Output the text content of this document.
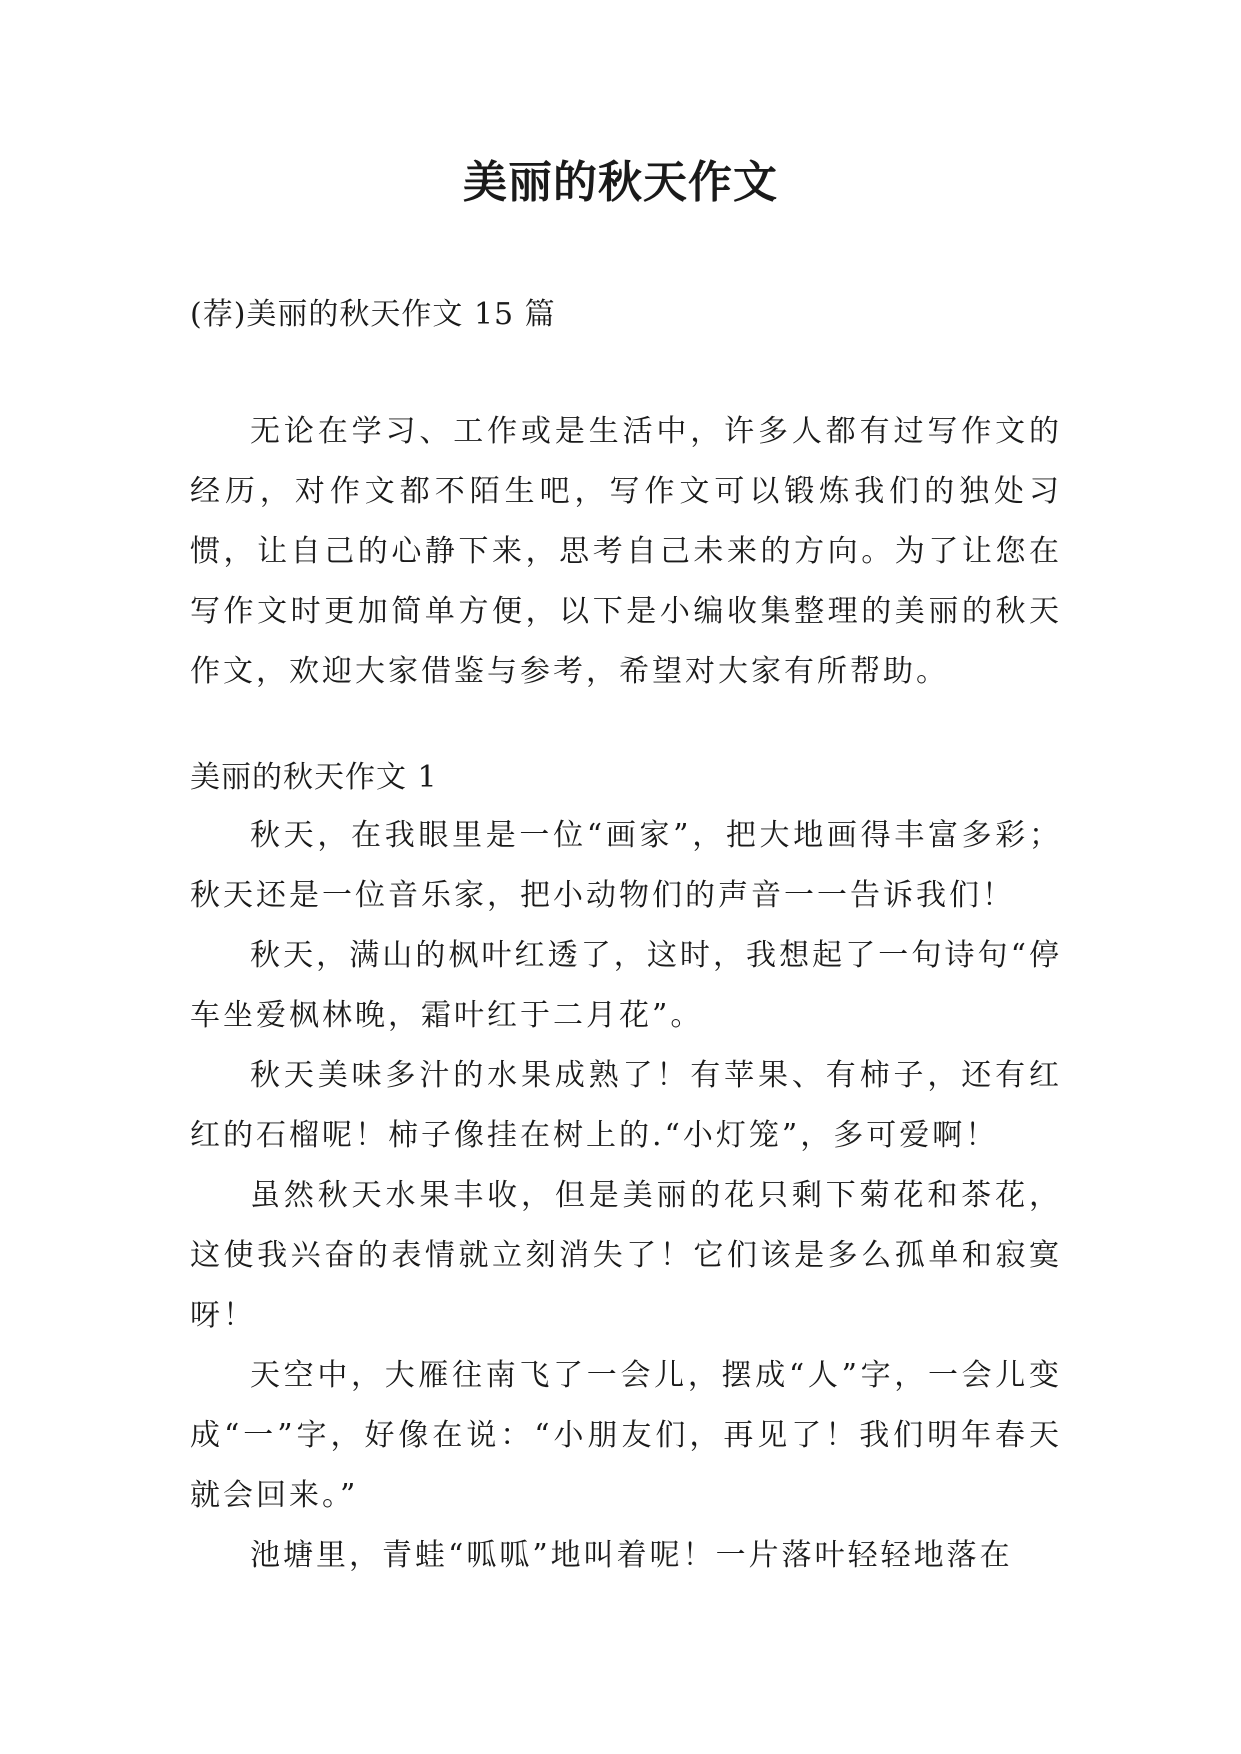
美丽的秋天作文
(荐)美丽的秋天作文 15 篇

无论在学习、工作或是生活中，许多人都有过写作文的经历，对作文都不陌生吧，写作文可以锻炼我们的独处习惯，让自己的心静下来，思考自己未来的方向。为了让您在写作文时更加简单方便，以下是小编收集整理的美丽的秋天作文，欢迎大家借鉴与参考，希望对大家有所帮助。

美丽的秋天作文 1

秋天，在我眼里是一位“画家”，把大地画得丰富多彩；秋天还是一位音乐家，把小动物们的声音一一告诉我们！

秋天，满山的枫叶红透了，这时，我想起了一句诗句“停车坐爱枫林晚，霜叶红于二月花”。

秋天美味多汁的水果成熟了！有苹果、有柿子，还有红红的石榴呢！柿子像挂在树上的.“小灯笼”，多可爱啊！

虽然秋天水果丰收，但是美丽的花只剩下菊花和茶花，这使我兴奋的表情就立刻消失了！它们该是多么孤单和寂寞呀！

天空中，大雁往南飞了一会儿，摆成“人”字，一会儿变成“一”字，好像在说：“小朋友们，再见了！我们明年春天就会回来。”

池塘里，青蛙“呱呱”地叫着呢！一片落叶轻轻地落在
